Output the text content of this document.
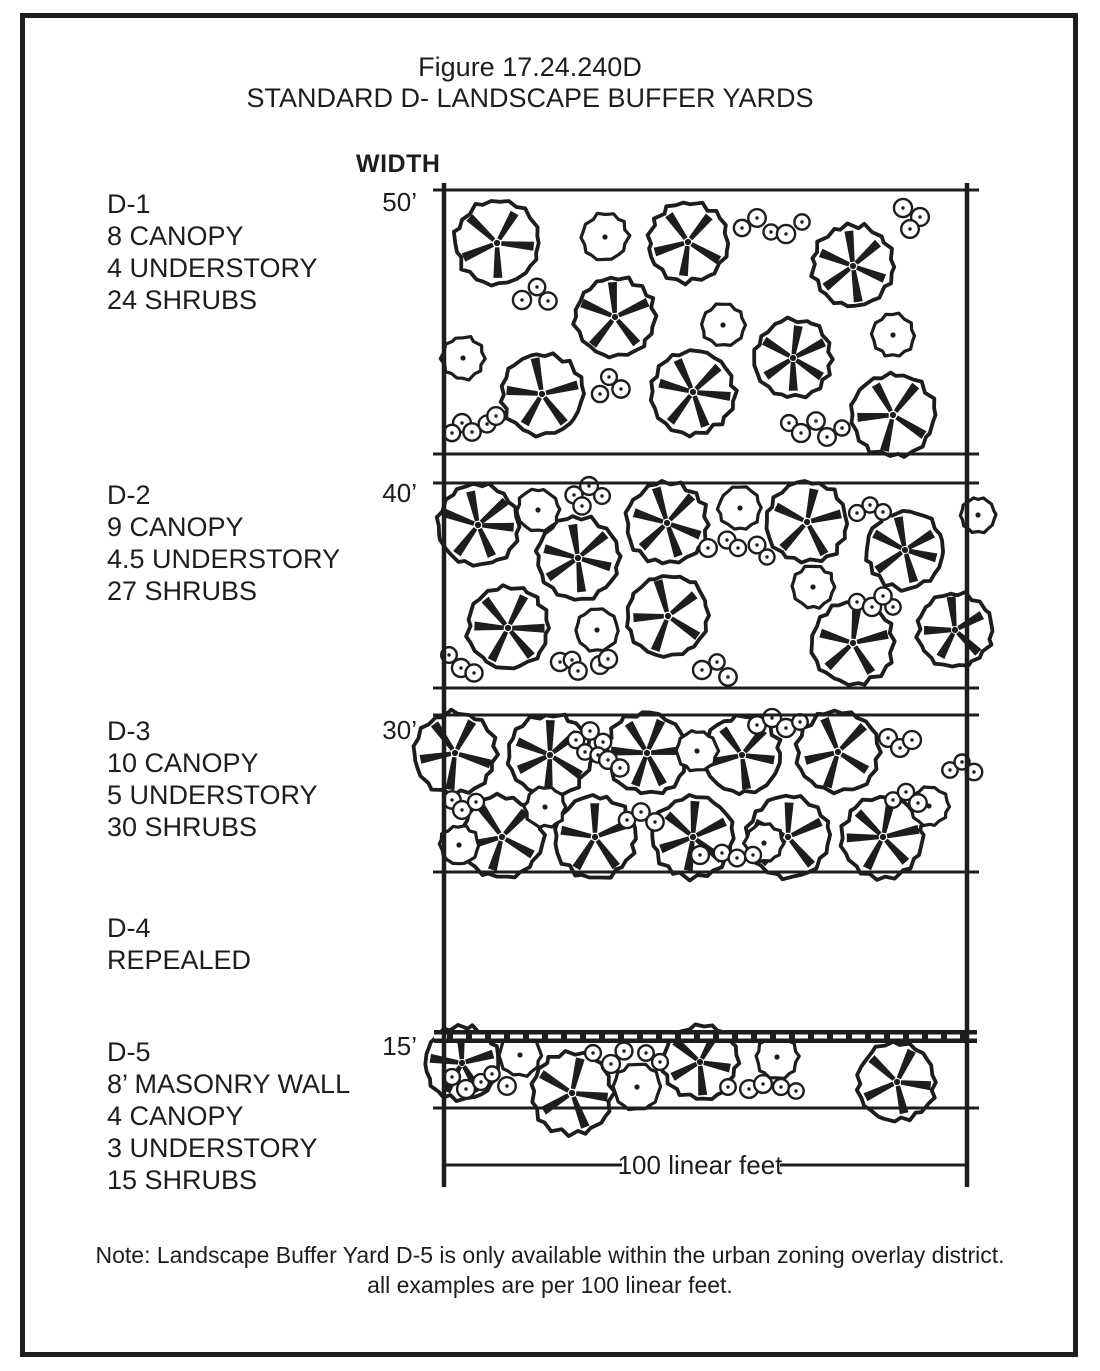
Figure 17.24.240D
STANDARD D- LANDSCAPE BUFFER YARDS
WIDTH
50’
40’
30’
15’
D-1
8 CANOPY
4 UNDERSTORY
24 SHRUBS
D-2
9 CANOPY
4.5 UNDERSTORY
27 SHRUBS
D-3
10 CANOPY
5 UNDERSTORY
30 SHRUBS
D-4
REPEALED
D-5
8’ MASONRY WALL
4 CANOPY
3 UNDERSTORY
15 SHRUBS	100 linear feet
Note: Landscape Buffer Yard D-5 is only available within the urban zoning overlay district.
all examples are per 100 linear feet.
